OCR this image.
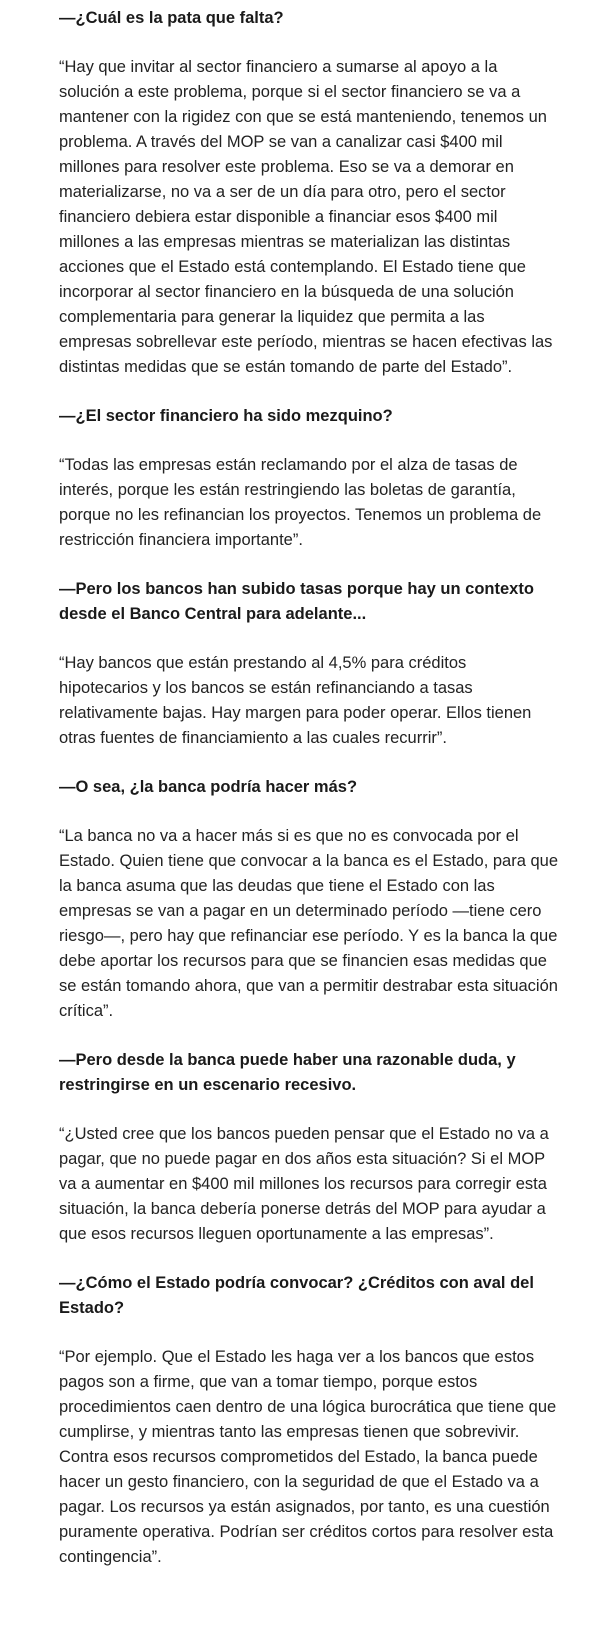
—¿Cuál es la pata que falta?

“Hay que invitar al sector financiero a sumarse al apoyo a la solución a este problema, porque si el sector financiero se va a mantener con la rigidez con que se está manteniendo, tenemos un problema. A través del MOP se van a canalizar casi $400 mil millones para resolver este problema. Eso se va a demorar en materializarse, no va a ser de un día para otro, pero el sector financiero debiera estar disponible a financiar esos $400 mil millones a las empresas mientras se materializan las distintas acciones que el Estado está contemplando. El Estado tiene que incorporar al sector financiero en la búsqueda de una solución complementaria para generar la liquidez que permita a las empresas sobrellevar este período, mientras se hacen efectivas las distintas medidas que se están tomando de parte del Estado”.

—¿El sector financiero ha sido mezquino?

“Todas las empresas están reclamando por el alza de tasas de interés, porque les están restringiendo las boletas de garantía, porque no les refinancian los proyectos. Tenemos un problema de restricción financiera importante”.

—Pero los bancos han subido tasas porque hay un contexto desde el Banco Central para adelante...

“Hay bancos que están prestando al 4,5% para créditos hipotecarios y los bancos se están refinanciando a tasas relativamente bajas. Hay margen para poder operar. Ellos tienen otras fuentes de financiamiento a las cuales recurrir”.

—O sea, ¿la banca podría hacer más?

“La banca no va a hacer más si es que no es convocada por el Estado. Quien tiene que convocar a la banca es el Estado, para que la banca asuma que las deudas que tiene el Estado con las empresas se van a pagar en un determinado período —tiene cero riesgo—, pero hay que refinanciar ese período. Y es la banca la que debe aportar los recursos para que se financien esas medidas que se están tomando ahora, que van a permitir destrabar esta situación crítica”.

—Pero desde la banca puede haber una razonable duda, y restringirse en un escenario recesivo.

“¿Usted cree que los bancos pueden pensar que el Estado no va a pagar, que no puede pagar en dos años esta situación? Si el MOP va a aumentar en $400 mil millones los recursos para corregir esta situación, la banca debería ponerse detrás del MOP para ayudar a que esos recursos lleguen oportunamente a las empresas”.

—¿Cómo el Estado podría convocar? ¿Créditos con aval del Estado?

“Por ejemplo. Que el Estado les haga ver a los bancos que estos pagos son a firme, que van a tomar tiempo, porque estos procedimientos caen dentro de una lógica burocrática que tiene que cumplirse, y mientras tanto las empresas tienen que sobrevivir. Contra esos recursos comprometidos del Estado, la banca puede hacer un gesto financiero, con la seguridad de que el Estado va a pagar. Los recursos ya están asignados, por tanto, es una cuestión puramente operativa. Podrían ser créditos cortos para resolver esta contingencia”.
